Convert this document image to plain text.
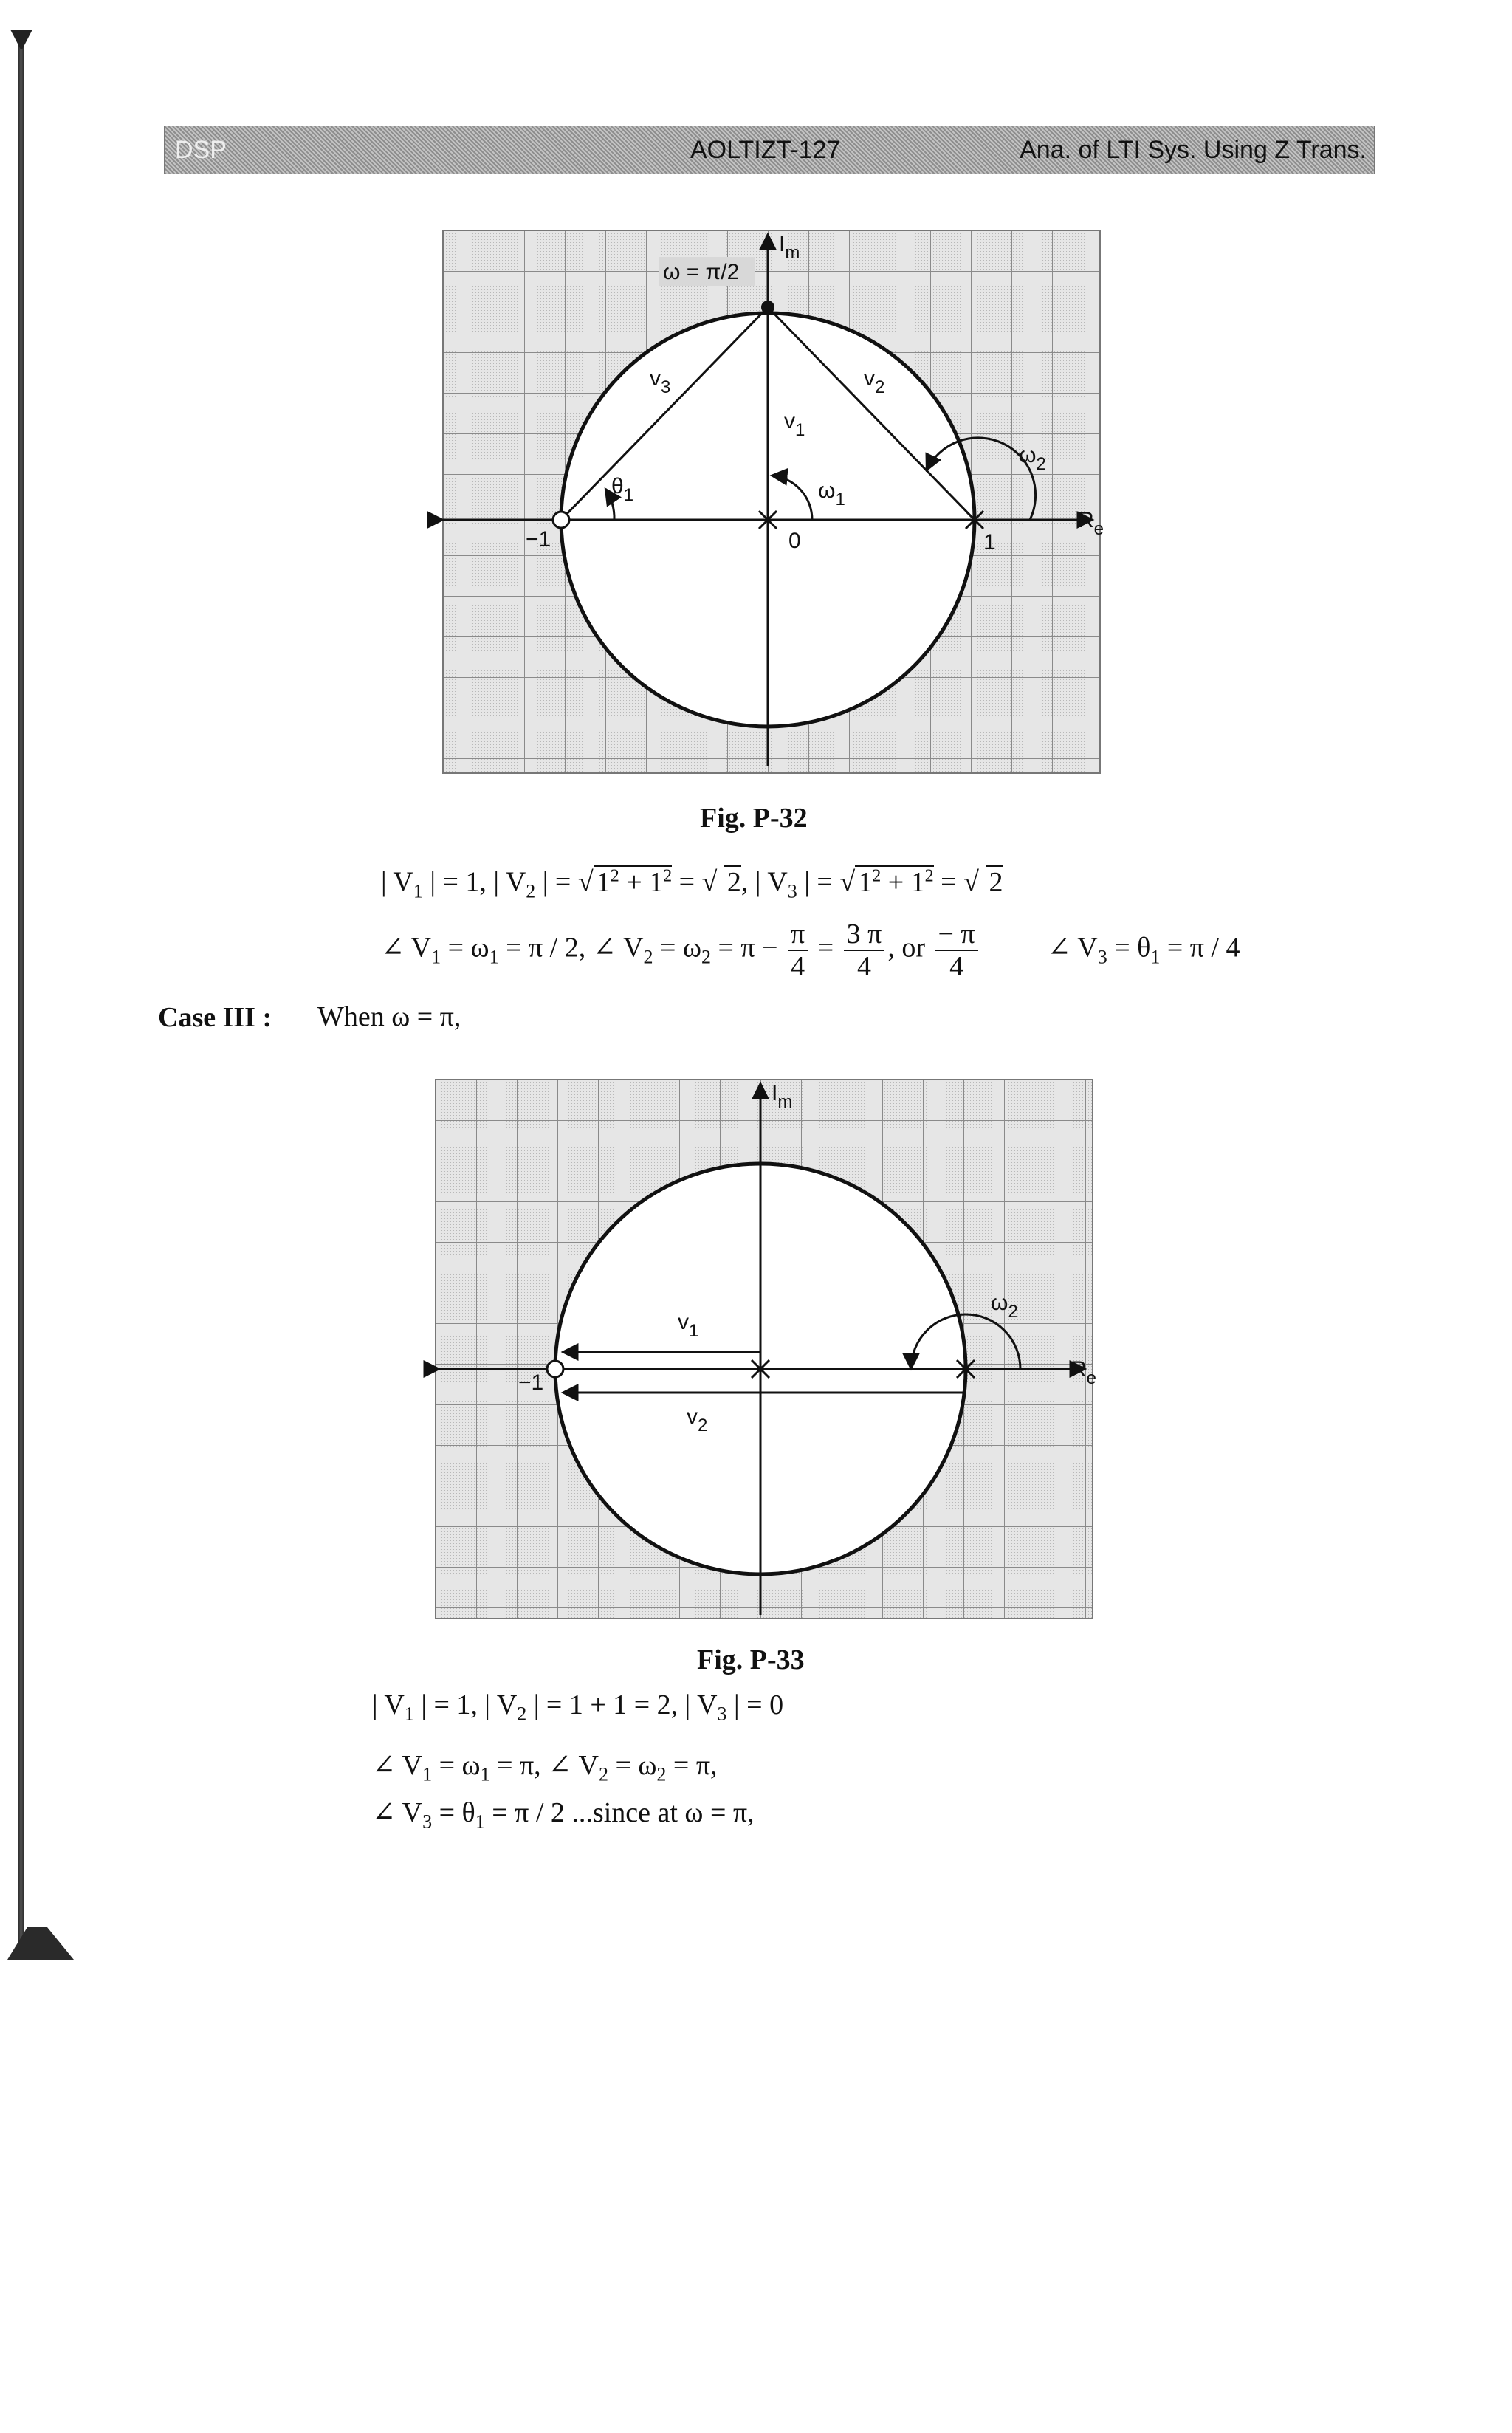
DSP	AOLTIZT-127	Ana. of LTI Sys. Using Z Trans.
ω = π/2
$I_m$
$R_e$
−1	0	1
$v_3$	$v_2$
$v_1$
$\theta_1$	$\omega_1$
$\omega_2$
Fig. P-32
| $V_1$ | = 1, | $V_2$ | = √ $1^2 + 1^2$ = √ 2, | $V_3$ | = √ $1^2 + 1^2$ = √ 2
∠ $V_1 = \omega_1 = \pi / 2$, ∠ $V_2 = \omega_2 = \pi - \frac{\pi}{4} = \frac{3 \pi}{4}$ , or $\frac{- \pi}{4}$ ∠ $V_3 = \theta_1 = \pi / 4$
Case III : When ω = π,
$I_m$
$R_e$
−1
$v_1$
$v_2$
$\omega_2$
Fig. P-33
| $V_1$ | = 1, | $V_2$ | = 1 + 1 = 2, | $V_3$ | = 0
∠ $V_1 = \omega_1 = \pi$, ∠ $V_2 = \omega_2 = \pi$,
∠ $V_3 = \theta_1 = \pi / 2$ ...since at ω = π,
